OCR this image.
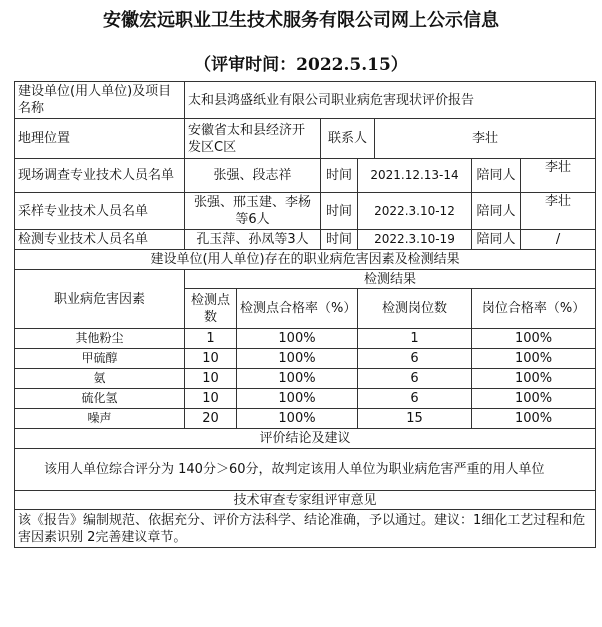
安徽宏远职业卫生技术服务有限公司网上公示信息
（评审时间：2022.5.15）
建设单位(用人单位)及项目名称	太和县鸿盛纸业有限公司职业病危害现状评价报告						
地理位置	安徽省太和县经济开发区C区		联系人		李壮		
现场调查专业技术人员名单	张强、段志祥		时间	2021.12.13-14		陪同人	李壮
采样专业技术人员名单	张强、邢玉建、李杨等6人		时间	2022.3.10-12		陪同人	李壮
检测专业技术人员名单	孔玉萍、孙凤等3人		时间	2022.3.10-19		陪同人	/
建设单位(用人单位)存在的职业病危害因素及检测结果							
职业病危害因素	检测结果						
	检测点数	检测点合格率（%）		检测岗位数		岗位合格率（%）	
其他粉尘	1	100%		1		100%	
甲硫醇	10	100%		6		100%	
氨	10	100%		6		100%	
硫化氢	10	100%		6		100%	
噪声	20	100%		15		100%	
评价结论及建议							
该用人单位综合评分为 140分＞60分，故判定该用人单位为职业病危害严重的用人单位							
技术审查专家组评审意见							
该《报告》编制规范、依据充分、评价方法科学、结论准确，予以通过。建议：1细化工艺过程和危害因素识别 2完善建议章节。							
